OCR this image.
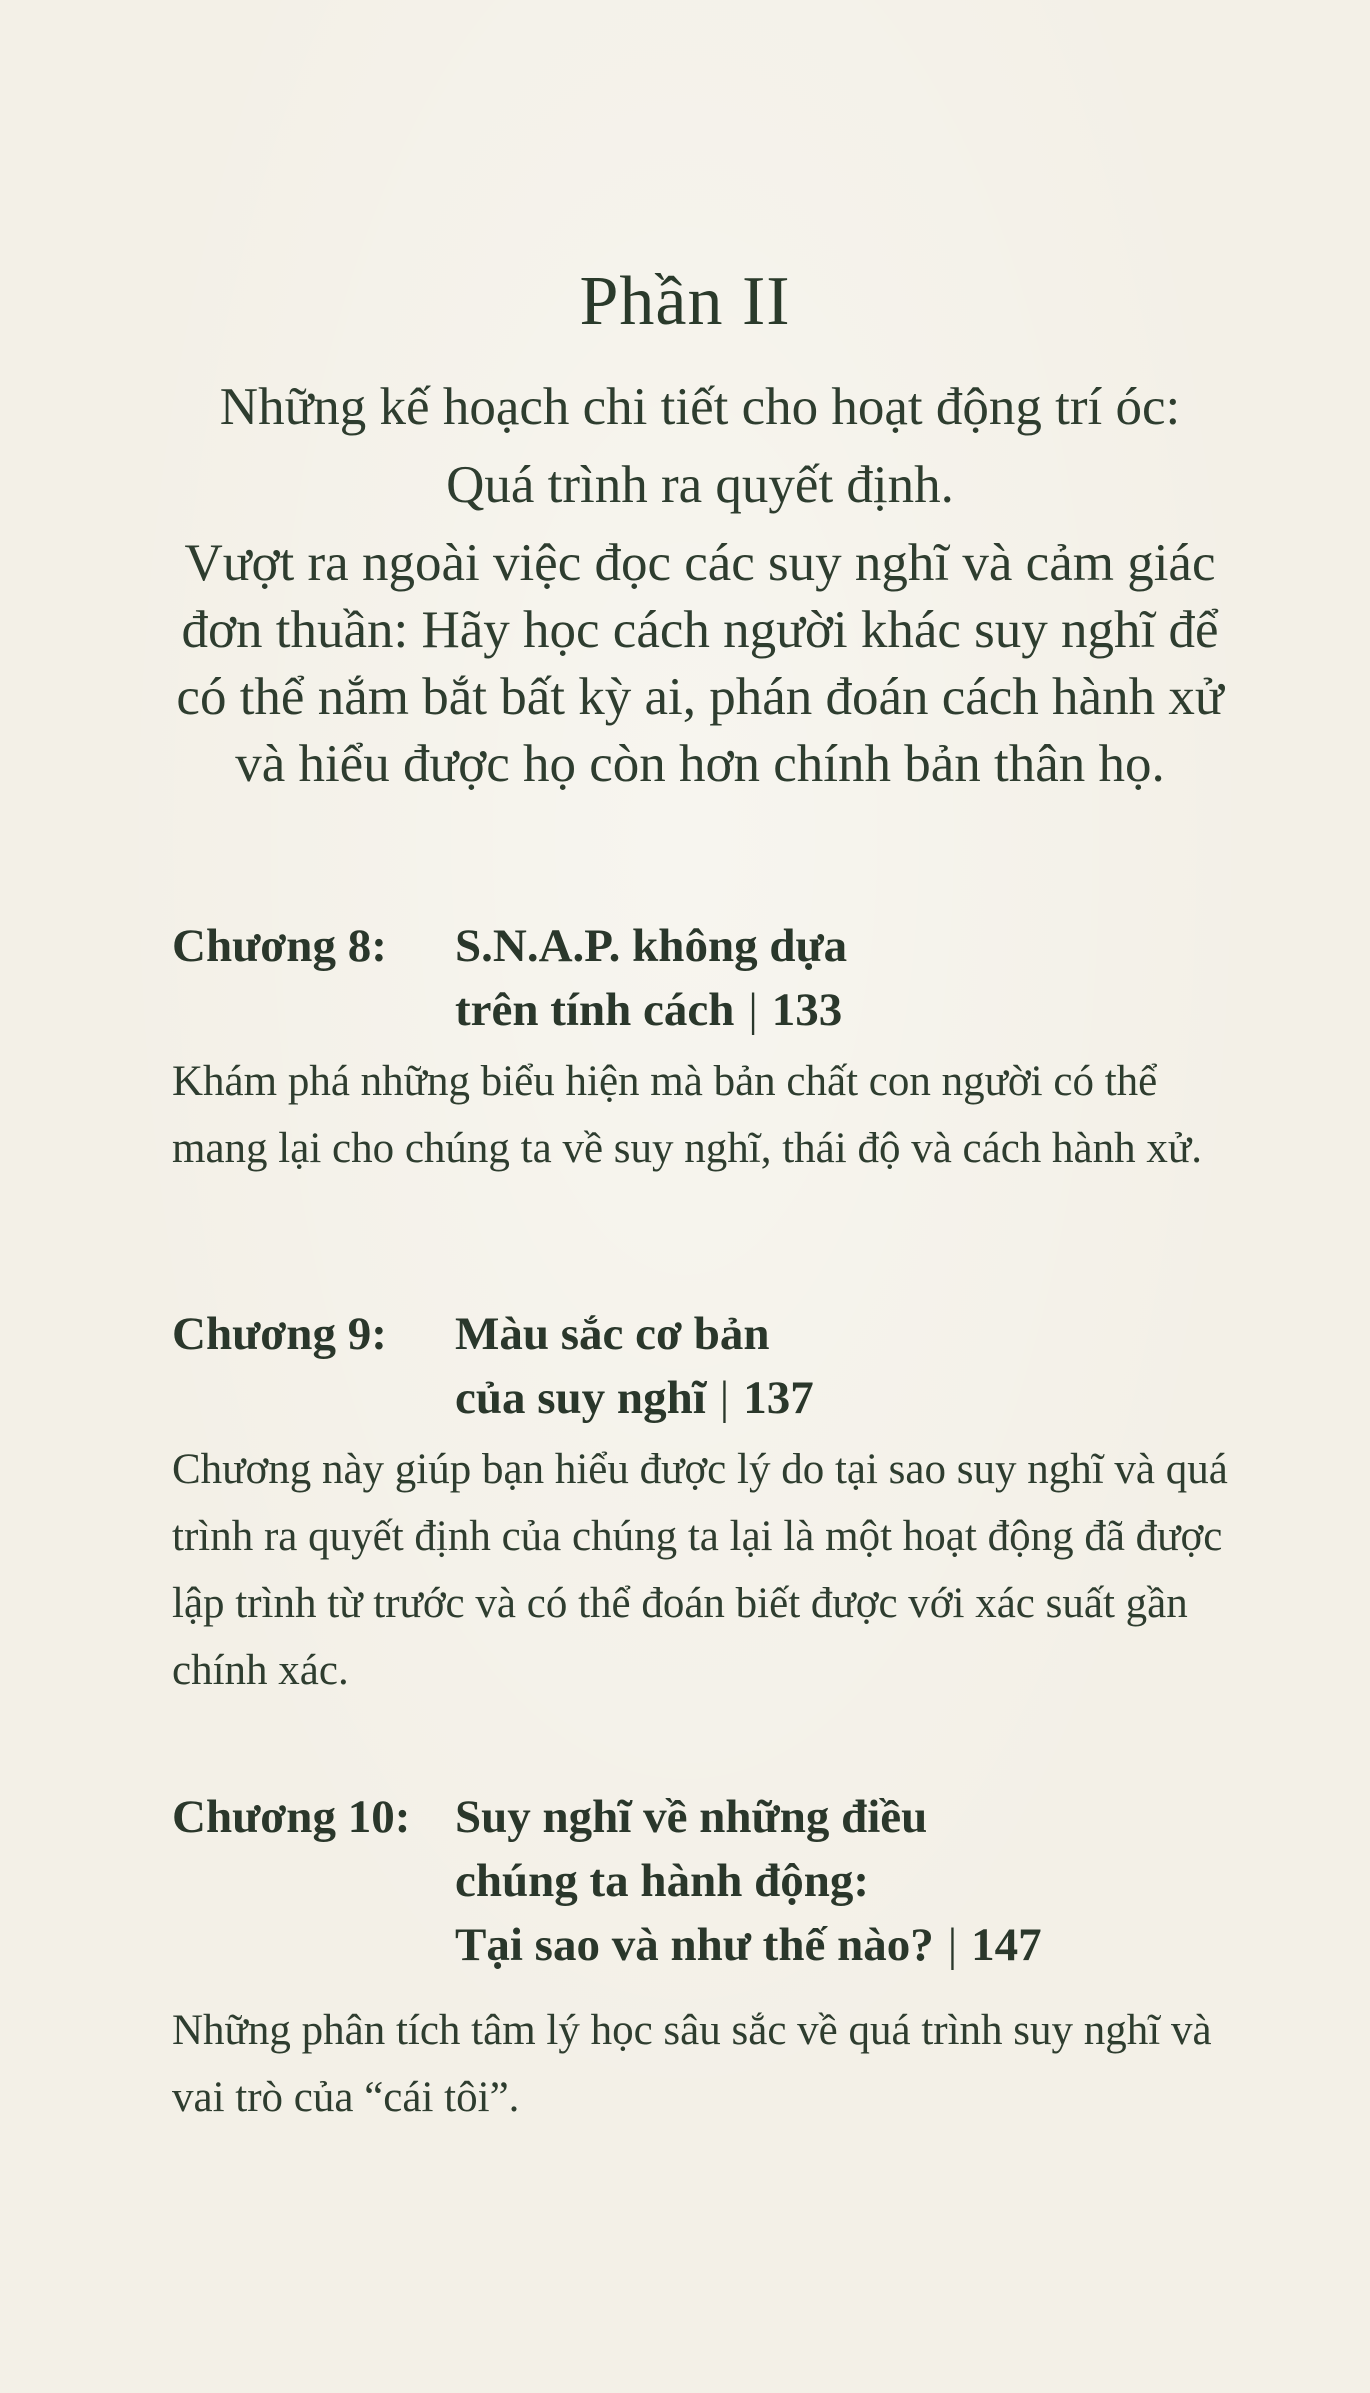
Phần II
Những kế hoạch chi tiết cho hoạt động trí óc:
Quá trình ra quyết định.
Vượt ra ngoài việc đọc các suy nghĩ và cảm giác đơn thuần: Hãy học cách người khác suy nghĩ để có thể nắm bắt bất kỳ ai, phán đoán cách hành xử và hiểu được họ còn hơn chính bản thân họ.
Chương 8: S.N.A.P. không dựa
trên tính cách | 133
Khám phá những biểu hiện mà bản chất con người có thể mang lại cho chúng ta về suy nghĩ, thái độ và cách hành xử.
Chương 9: Màu sắc cơ bản
của suy nghĩ | 137
Chương này giúp bạn hiểu được lý do tại sao suy nghĩ và quá trình ra quyết định của chúng ta lại là một hoạt động đã được lập trình từ trước và có thể đoán biết được với xác suất gần chính xác.
Chương 10: Suy nghĩ về những điều
chúng ta hành động:
Tại sao và như thế nào? | 147
Những phân tích tâm lý học sâu sắc về quá trình suy nghĩ và vai trò của “cái tôi”.
